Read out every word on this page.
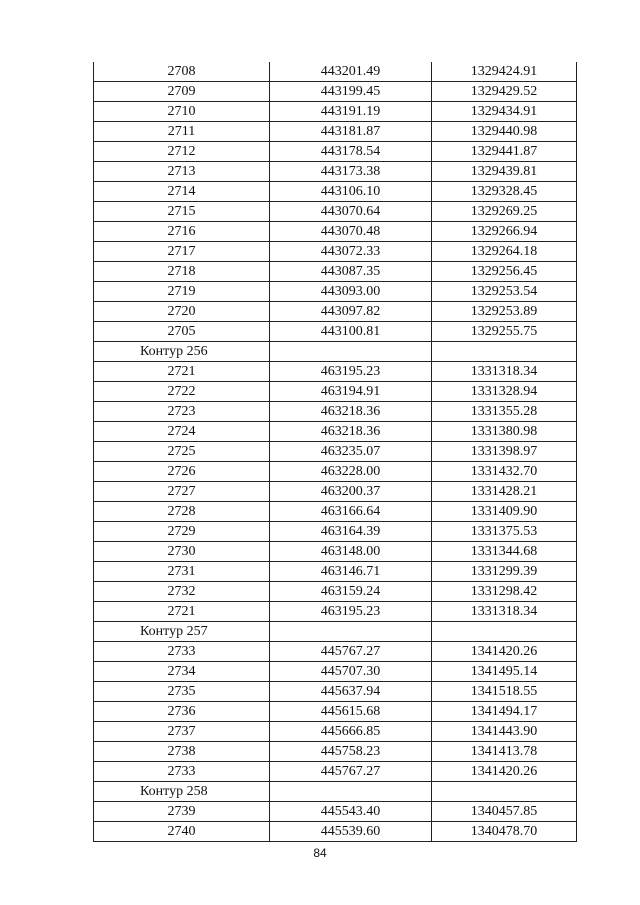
2708	443201.49	1329424.91
2709	443199.45	1329429.52
2710	443191.19	1329434.91
2711	443181.87	1329440.98
2712	443178.54	1329441.87
2713	443173.38	1329439.81
2714	443106.10	1329328.45
2715	443070.64	1329269.25
2716	443070.48	1329266.94
2717	443072.33	1329264.18
2718	443087.35	1329256.45
2719	443093.00	1329253.54
2720	443097.82	1329253.89
2705	443100.81	1329255.75
Контур 256		
2721	463195.23	1331318.34
2722	463194.91	1331328.94
2723	463218.36	1331355.28
2724	463218.36	1331380.98
2725	463235.07	1331398.97
2726	463228.00	1331432.70
2727	463200.37	1331428.21
2728	463166.64	1331409.90
2729	463164.39	1331375.53
2730	463148.00	1331344.68
2731	463146.71	1331299.39
2732	463159.24	1331298.42
2721	463195.23	1331318.34
Контур 257		
2733	445767.27	1341420.26
2734	445707.30	1341495.14
2735	445637.94	1341518.55
2736	445615.68	1341494.17
2737	445666.85	1341443.90
2738	445758.23	1341413.78
2733	445767.27	1341420.26
Контур 258		
2739	445543.40	1340457.85
2740	445539.60	1340478.70
84
